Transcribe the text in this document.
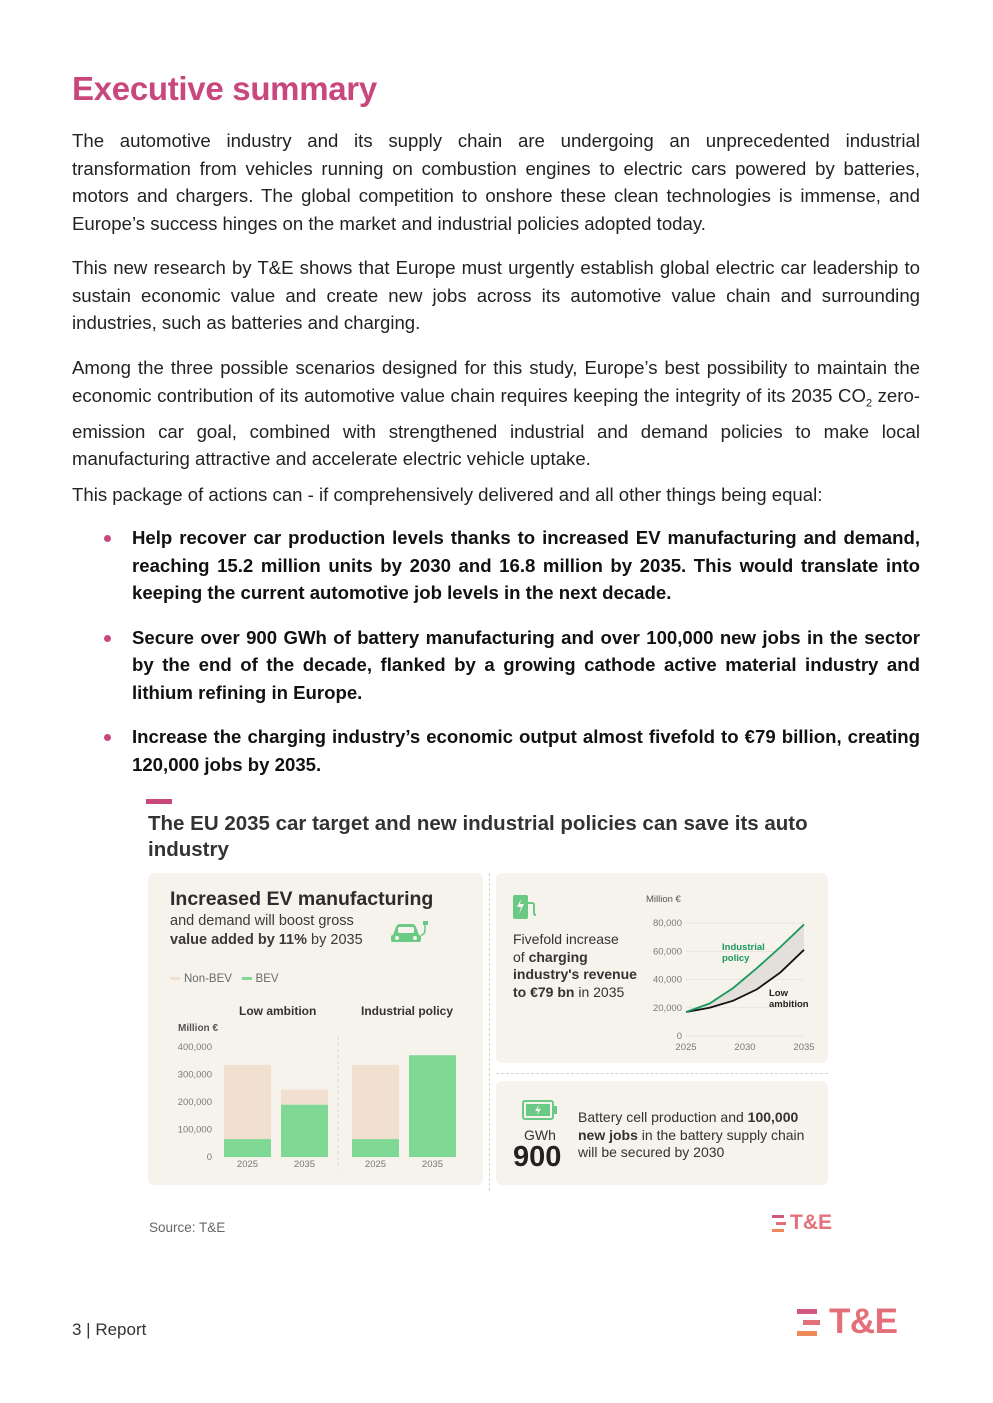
Executive summary

The automotive industry and its supply chain are undergoing an unprecedented industrial transformation from vehicles running on combustion engines to electric cars powered by batteries, motors and chargers. The global competition to onshore these clean technologies is immense, and Europe’s success hinges on the market and industrial policies adopted today.

This new research by T&E shows that Europe must urgently establish global electric car leadership to sustain economic value and create new jobs across its automotive value chain and surrounding industries, such as batteries and charging.

Among the three possible scenarios designed for this study, Europe’s best possibility to maintain the economic contribution of its automotive value chain requires keeping the integrity of its 2035 $CO_2$ zero-emission car goal, combined with strengthened industrial and demand policies to make local manufacturing attractive and accelerate electric vehicle uptake.

This package of actions can - if comprehensively delivered and all other things being equal:

Help recover car production levels thanks to increased EV manufacturing and demand, reaching 15.2 million units by 2030 and 16.8 million by 2035. This would translate into keeping the current automotive job levels in the next decade.
Secure over 900 GWh of battery manufacturing and over 100,000 new jobs in the sector by the end of the decade, flanked by a growing cathode active material industry and lithium refining in Europe.
Increase the charging industry’s economic output almost fivefold to €79 billion, creating 120,000 jobs by 2035.
The EU 2035 car target and new industrial policies can save its auto industry
Increased EV manufacturing
and demand will boost gross
value added by 11% by 2035
Non-BEV BEV
Low ambition	Industrial policy
Million €
0
100,000
200,000
300,000
400,000
2025	2035	2025	2035
Fivefold increase
of charging
industry's revenue
to €79 bn in 2035
Million €
0
20,000
40,000
60,000
80,000
2025	2030	2035
Industrial
policy
Low
ambition
GWh
900
Battery cell production and 100,000
new jobs in the battery supply chain
will be secured by 2030
Source: T&E	T&E
3 | Report	T&E
